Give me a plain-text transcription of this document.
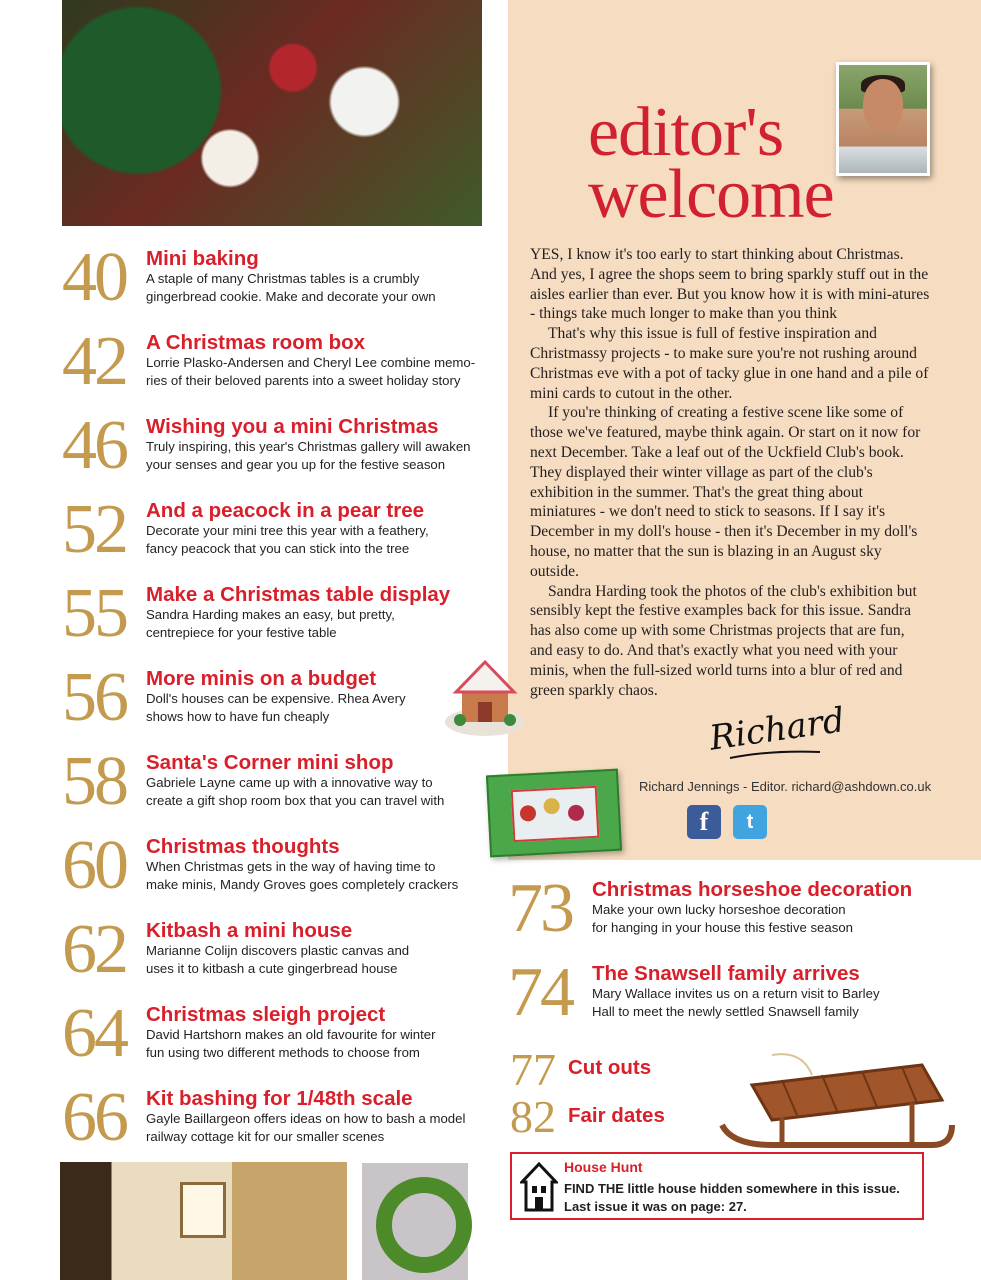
editor's
welcome

YES, I know it's too early to start thinking about Christmas. And yes, I agree the shops seem to bring sparkly stuff out in the aisles earlier than ever. But you know how it is with mini-atures - things take much longer to make than you think

That's why this issue is full of festive inspiration and Christmassy projects - to make sure you're not rushing around Christmas eve with a pot of tacky glue in one hand and a pile of mini cards to cutout in the other.

If you're thinking of creating a festive scene like some of those we've featured, maybe think again. Or start on it now for next December. Take a leaf out of the Uckfield Club's book. They displayed their winter village as part of the club's exhibition in the summer. That's the great thing about miniatures - we don't need to stick to seasons. If I say it's December in my doll's house - then it's December in my doll's house, no matter that the sun is blazing in an August sky outside.

Sandra Harding took the photos of the club's exhibition but sensibly kept the festive examples back for this issue. Sandra has also come up with some Christmas projects that are fun, and easy to do. And that's exactly what you need with your minis, when the full-sized world turns into a blur of red and green sparkly chaos.

Richard
Richard Jennings - Editor. richard@ashdown.co.uk
f	t
40 Mini baking
A staple of many Christmas tables is a crumbly
gingerbread cookie. Make and decorate your own
42 A Christmas room box
Lorrie Plasko-Andersen and Cheryl Lee combine memo-
ries of their beloved parents into a sweet holiday story
46 Wishing you a mini Christmas
Truly inspiring, this year's Christmas gallery will awaken
your senses and gear you up for the festive season
52 And a peacock in a pear tree
Decorate your mini tree this year with a feathery,
fancy peacock that you can stick into the tree
55 Make a Christmas table display
Sandra Harding makes an easy, but pretty,
centrepiece for your festive table
56 More minis on a budget
Doll's houses can be expensive. Rhea Avery
shows how to have fun cheaply
58 Santa's Corner mini shop
Gabriele Layne came up with a innovative way to
create a gift shop room box that you can travel with
60 Christmas thoughts
When Christmas gets in the way of having time to
make minis, Mandy Groves goes completely crackers
62 Kitbash a mini house
Marianne Colijn discovers plastic canvas and
uses it to kitbash a cute gingerbread house
64 Christmas sleigh project
David Hartshorn makes an old favourite for winter
fun using two different methods to choose from
66 Kit bashing for 1/48th scale
Gayle Baillargeon offers ideas on how to bash a model
railway cottage kit for our smaller scenes
73 Christmas horseshoe decoration
Make your own lucky horseshoe decoration
for hanging in your house this festive season
74 The Snawsell family arrives
Mary Wallace invites us on a return visit to Barley
Hall to meet the newly settled Snawsell family
77 Cut outs
82 Fair dates
House Hunt
FIND THE little house hidden somewhere in this issue. Last issue it was on page: 27.
